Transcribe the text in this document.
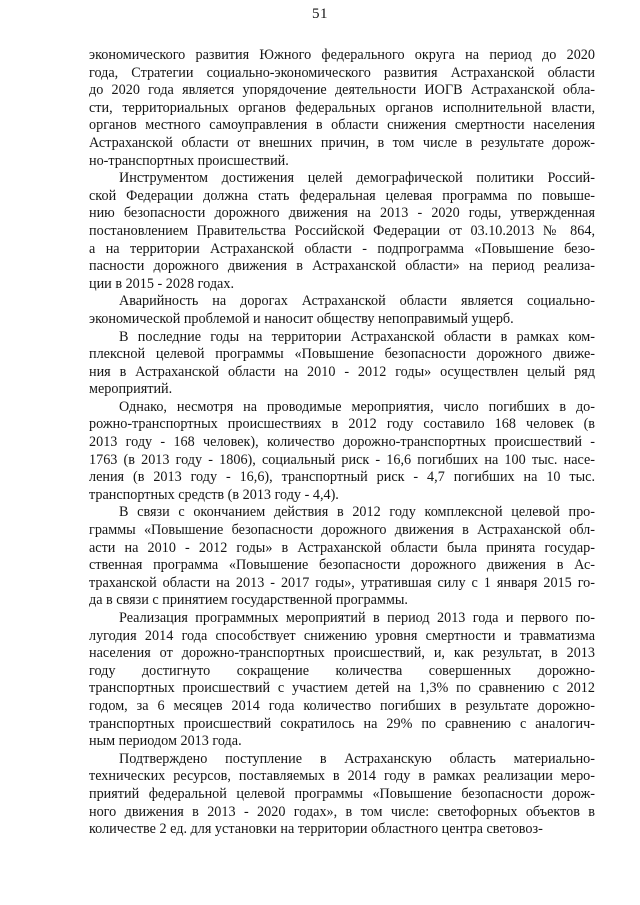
51
экономического развития Южного федерального округа на период до 2020
года, Стратегии социально-экономического развития Астраханской области
до 2020 года является упорядочение деятельности ИОГВ Астраханской обла-
сти, территориальных органов федеральных органов исполнительной власти,
органов местного самоуправления в области снижения смертности населения
Астраханской области от внешних причин, в том числе в результате дорож-
но-транспортных происшествий.
Инструментом достижения целей демографической политики Россий-
ской Федерации должна стать федеральная целевая программа по повыше-
нию безопасности дорожного движения на 2013 - 2020 годы, утвержденная
постановлением Правительства Российской Федерации от 03.10.2013 № 864,
а на территории Астраханской области - подпрограмма «Повышение безо-
пасности дорожного движения в Астраханской области» на период реализа-
ции в 2015 - 2028 годах.
Аварийность на дорогах Астраханской области является социально-
экономической проблемой и наносит обществу непоправимый ущерб.
В последние годы на территории Астраханской области в рамках ком-
плексной целевой программы «Повышение безопасности дорожного движе-
ния в Астраханской области на 2010 - 2012 годы» осуществлен целый ряд
мероприятий.
Однако, несмотря на проводимые мероприятия, число погибших в до-
рожно-транспортных происшествиях в 2012 году составило 168 человек (в
2013 году - 168 человек), количество дорожно-транспортных происшествий -
1763 (в 2013 году - 1806), социальный риск - 16,6 погибших на 100 тыс. насе-
ления (в 2013 году - 16,6), транспортный риск - 4,7 погибших на 10 тыс.
транспортных средств (в 2013 году - 4,4).
В связи с окончанием действия в 2012 году комплексной целевой про-
граммы «Повышение безопасности дорожного движения в Астраханской обл-
асти на 2010 - 2012 годы» в Астраханской области была принята государ-
ственная программа «Повышение безопасности дорожного движения в Ас-
траханской области на 2013 - 2017 годы», утратившая силу с 1 января 2015 го-
да в связи с принятием государственной программы.
Реализация программных мероприятий в период 2013 года и первого по-
лугодия 2014 года способствует снижению уровня смертности и травматизма
населения от дорожно-транспортных происшествий, и, как результат, в 2013
году достигнуто сокращение количества совершенных дорожно-
транспортных происшествий с участием детей на 1,3% по сравнению с 2012
годом, за 6 месяцев 2014 года количество погибших в результате дорожно-
транспортных происшествий сократилось на 29% по сравнению с аналогич-
ным периодом 2013 года.
Подтверждено поступление в Астраханскую область материально-
технических ресурсов, поставляемых в 2014 году в рамках реализации меро-
приятий федеральной целевой программы «Повышение безопасности дорож-
ного движения в 2013 - 2020 годах», в том числе: светофорных объектов в
количестве 2 ед. для установки на территории областного центра световоз-
